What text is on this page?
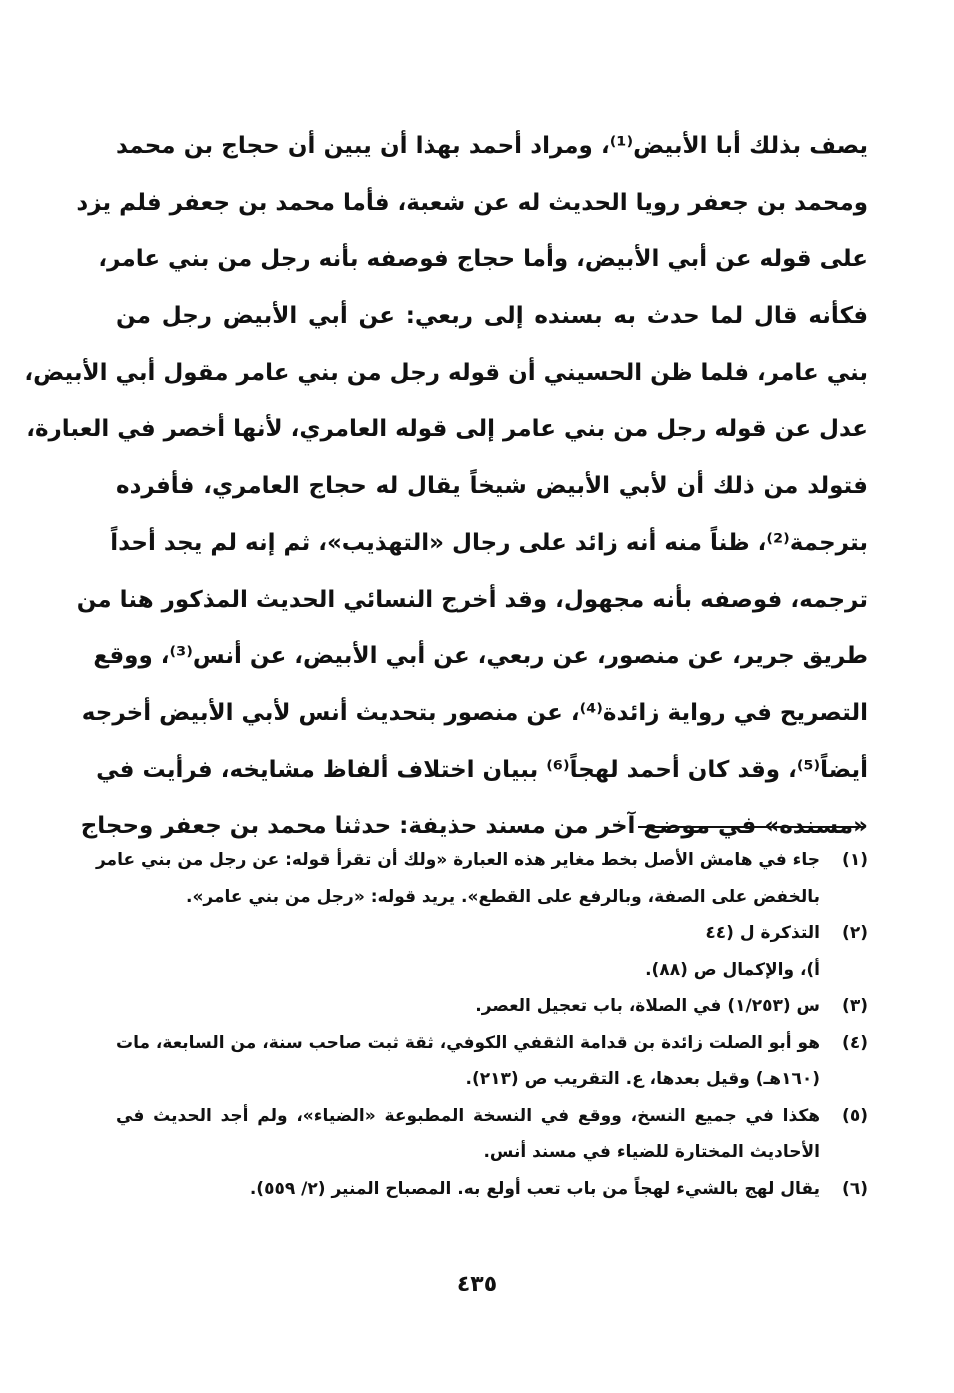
يصف بذلك أبا الأبيض⁽¹⁾، ومراد أحمد بهذا أن يبين أن حجاج بن محمد
ومحمد بن جعفر رويا الحديث له عن شعبة، فأما محمد بن جعفر فلم يزد
على قوله عن أبي الأبيض، وأما حجاج فوصفه بأنه رجل من بني عامر،
فكأنه قال لما حدث به بسنده إلى ربعي: عن أبي الأبيض رجل من
بني عامر، فلما ظن الحسيني أن قوله رجل من بني عامر مقول أبي الأبيض،
عدل عن قوله رجل من بني عامر إلى قوله العامري، لأنها أخصر في العبارة،
فتولد من ذلك أن لأبي الأبيض شيخاً يقال له حجاج العامري، فأفرده
بترجمة⁽²⁾، ظناً منه أنه زائد على رجال «التهذيب»، ثم إنه لم يجد أحداً
ترجمه، فوصفه بأنه مجهول، وقد أخرج النسائي الحديث المذكور هنا من
طريق جرير، عن منصور، عن ربعي، عن أبي الأبيض، عن أنس⁽³⁾، ووقع
التصريح في رواية زائدة⁽⁴⁾، عن منصور بتحديث أنس لأبي الأبيض أخرجه
أيضاً⁽⁵⁾، وقد كان أحمد لهجاً⁽⁶⁾ ببيان اختلاف ألفاظ مشايخه، فرأيت في
«مسنده» في موضع آخر من مسند حذيفة: حدثنا محمد بن جعفر وحجاج
(١)
جاء في هامش الأصل بخط مغاير هذه العبارة «ولك أن تقرأ قوله: عن رجل من بني عامر
بالخفض على الصفة، وبالرفع على القطع». يريد قوله: «رجل من بني عامر».
(٢)
التذكرة ل (٤٤
أ)، والإكمال ص (٨٨).
(٣)
س (١/٢٥٣) في الصلاة، باب تعجيل العصر.
(٤)
هو أبو الصلت زائدة بن قدامة الثقفي الكوفي، ثقة ثبت صاحب سنة، من السابعة، مات
(١٦٠هـ) وقيل بعدها، ع. التقريب ص (٢١٣).
(٥)
هكذا في جميع النسخ، ووقع في النسخة المطبوعة «الضياء»، ولم أجد الحديث في
الأحاديث المختارة للضياء في مسند أنس.
(٦)
يقال لهج بالشيء لهجاً من باب تعب أولع به. المصباح المنير (٢/ ٥٥٩).
٤٣٥
